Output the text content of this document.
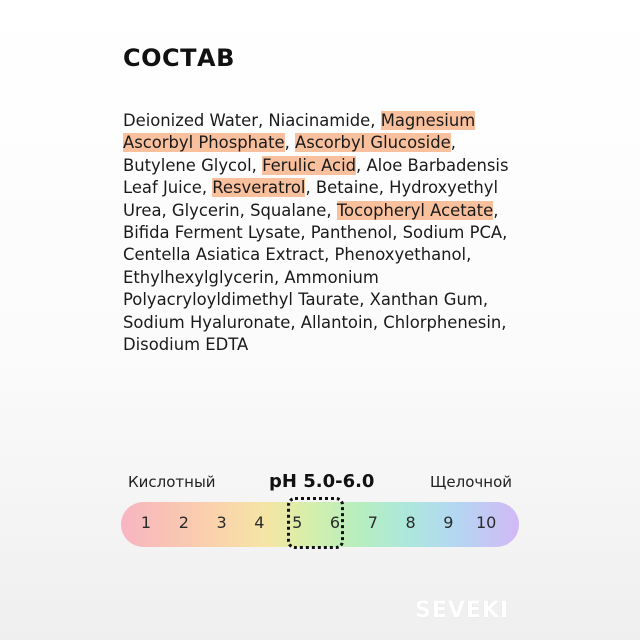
СОСТАВ
Deionized Water, Niacinamide, Magnesium Ascorbyl Phosphate, Ascorbyl Glucoside, Butylene Glycol, Ferulic Acid, Aloe Barbadensis Leaf Juice, Resveratrol, Betaine, Hydroxyethyl Urea, Glycerin, Squalane, Tocopheryl Acetate, Bifida Ferment Lysate, Panthenol, Sodium PCA, Centella Asiatica Extract, Phenoxyethanol, Ethylhexylglycerin, Ammonium Polyacryloyldimethyl Taurate, Xanthan Gum, Sodium Hyaluronate, Allantoin, Chlorphenesin, Disodium EDTA
Кислотный	pH 5.0-6.0	Щелочной
1	2	3	4	5	6	7	8	9	10
SEVEKI
